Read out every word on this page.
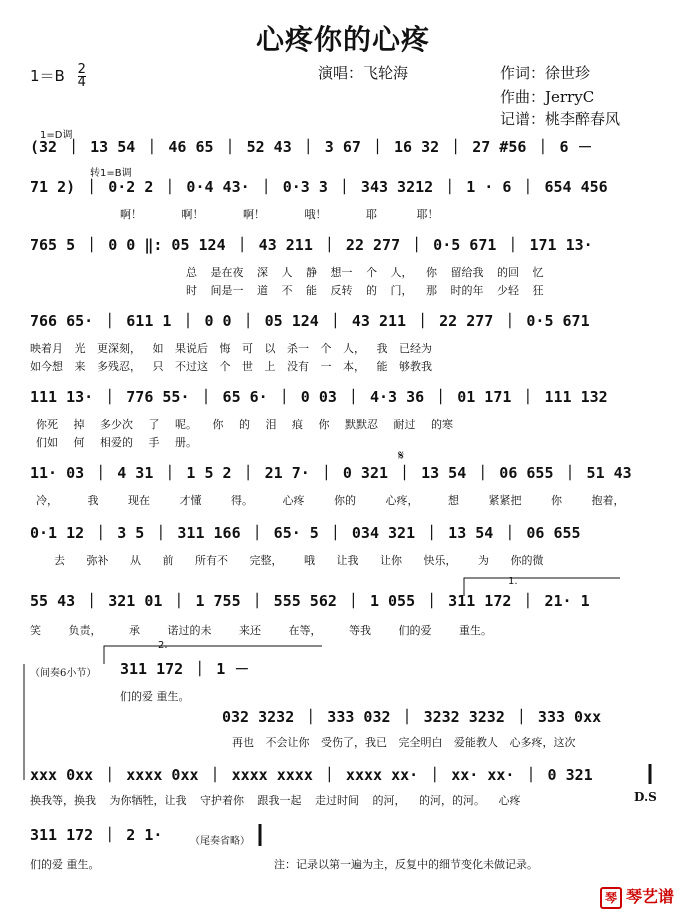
心疼你的心疼
$1=B \frac{2}{4}$	演唱：飞轮海	作词：徐世珍
作曲：JerryC
记谱：桃李醉春风
1=D调
转1=B调
𝄋
1.
2.
（间奏6小节）
D.S
（尾奏省略）
(32 ｜ 13 54 ｜ 46 65 ｜ 52 43 ｜ 3 67 ｜ 16 32 ｜ 27 #56 ｜ 6 －
71 2) ｜ 0·2 2 ｜ 0·4 43· ｜ 0·3 3 ｜ 343 3212 ｜ 1 · 6 ｜ 654 456
啊！ 啊！ 啊！ 哦！ 耶 耶！
765 5 ｜ 0 0 ‖: 05 124 ｜ 43 211 ｜ 22 277 ｜ 0·5 671 ｜ 171 13·
总 是在夜 深 人 静 想一 个 人， 你 留给我 的回 忆
时 间是一 道 不 能 反转 的 门， 那 时的年 少轻 狂
766 65· ｜ 611 1 ｜ 0 0 ｜ 05 124 ｜ 43 211 ｜ 22 277 ｜ 0·5 671
映着月 光 更深刻， 如 果说后 悔 可 以 杀一 个 人， 我 已经为
如今想 来 多残忍， 只 不过这 个 世 上 没有 一 本， 能 够教我
111 13· ｜ 776 55· ｜ 65 6· ｜ 0 03 ｜ 4·3 36 ｜ 01 171 ｜ 111 132
你死 掉 多少次 了 呢。 你 的 泪 痕 你 默默忍 耐过 的寒
们如 何 相爱的 手 册。
11· 03 ｜ 4 31 ｜ 1 5 2 ｜ 21 7· ｜ 0 321 ｜ 13 54 ｜ 06 655 ｜ 51 43
冷， 我 现在 才懂 得。 心疼 你的 心疼， 想 紧紧把 你 抱着，
0·1 12 ｜ 3 5 ｜ 311 166 ｜ 65· 5 ｜ 034 321 ｜ 13 54 ｜ 06 655
去 弥补 从 前 所有不 完整， 哦 让我 让你 快乐， 为 你的微
55 43 ｜ 321 01 ｜ 1 755 ｜ 555 562 ｜ 1 055 ｜ 311 172 ｜ 21· 1
笑 负责， 承 诺过的未 来还 在等， 等我 们的爱 重生。
311 172 ｜ 1 －
们的爱 重生。
032 3232 ｜ 333 032 ｜ 3232 3232 ｜ 333 0xx
再也 不会让你 受伤了，我已 完全明白 爱能教人 心多疼，这次
xxx 0xx ｜ xxxx 0xx ｜ xxxx xxxx ｜ xxxx xx· ｜ xx· xx· ｜ 0 321
换我等，换我 为你牺牲，让我 守护着你 跟我一起 走过时间 的河， 的河，的河。 心疼
311 172 ｜ 2 1·
们的爱 重生。	注：记录以第一遍为主，反复中的细节变化未做记录。
琴 琴艺谱
